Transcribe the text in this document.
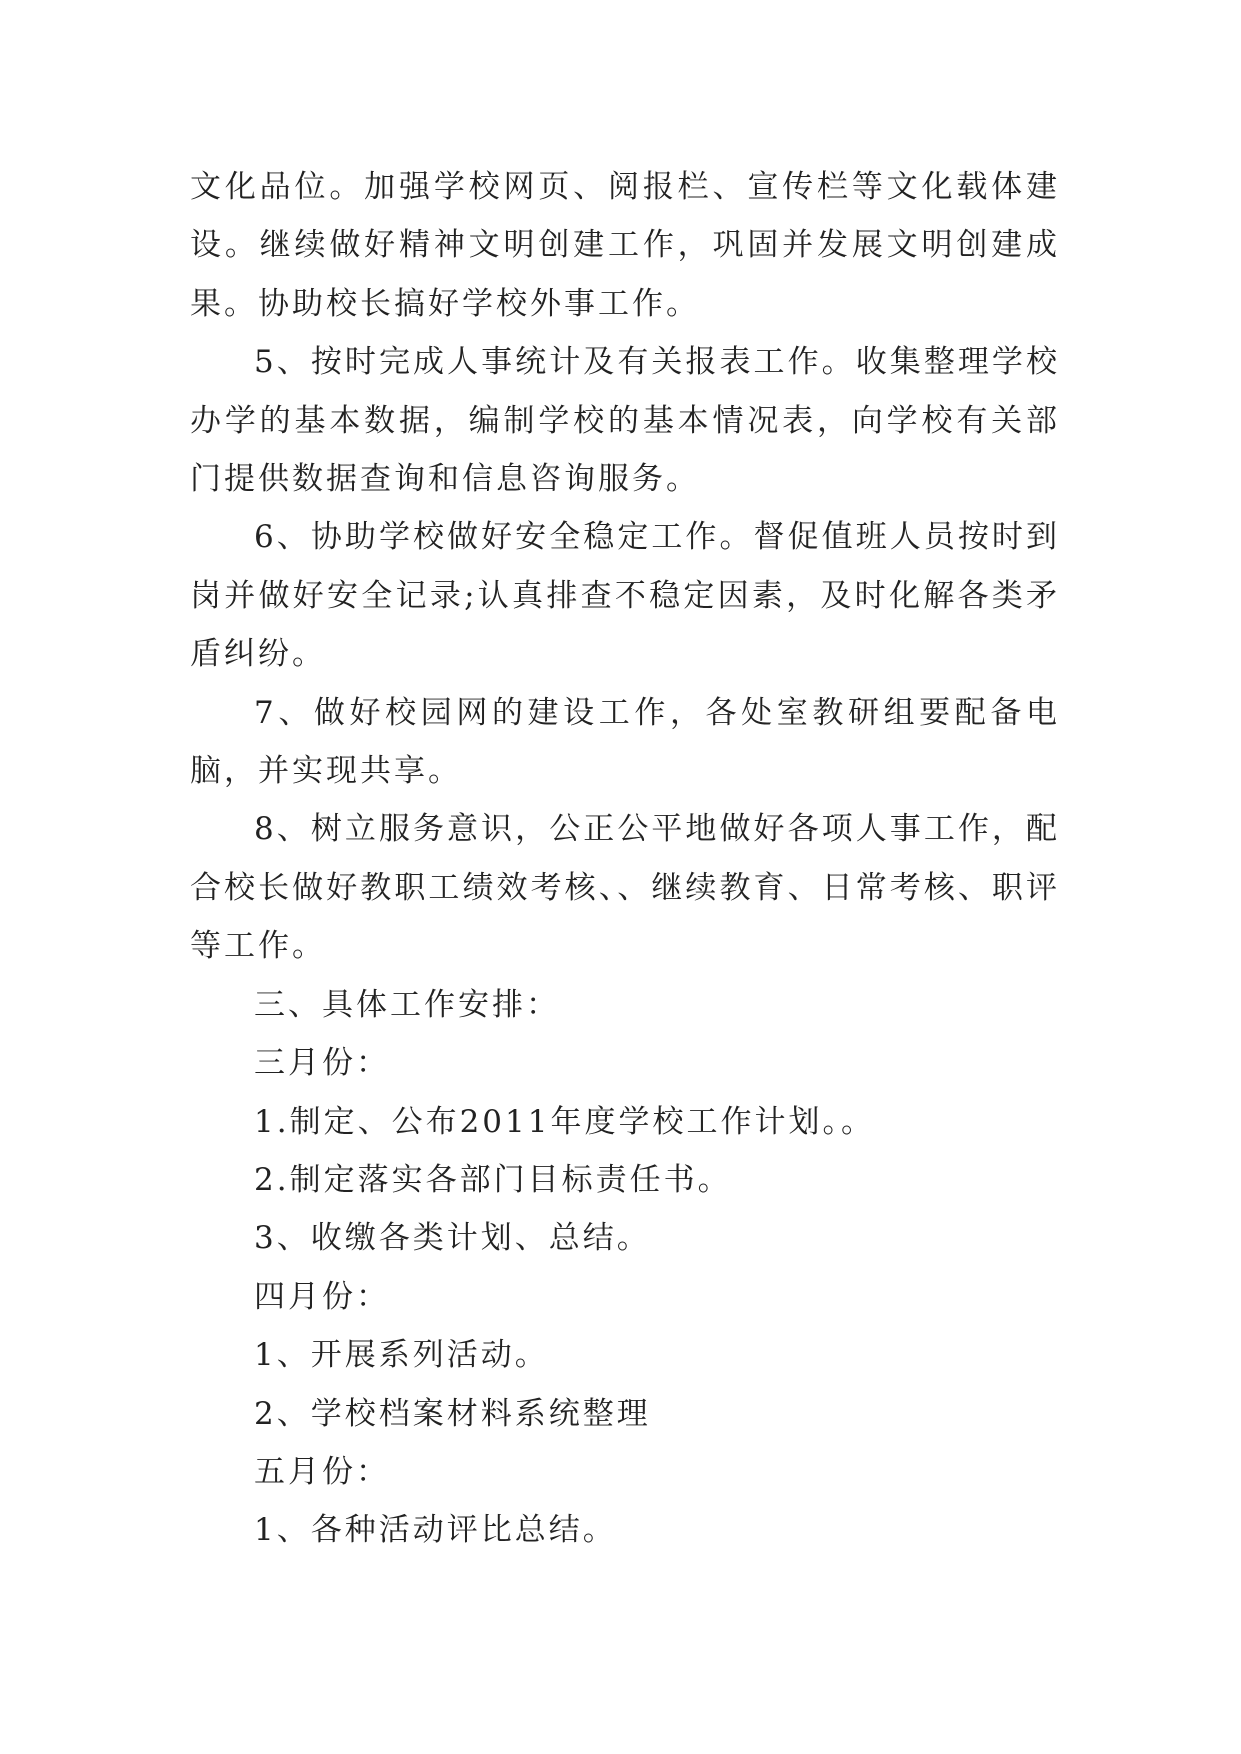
文化品位。加强学校网页、阅报栏、宣传栏等文化载体建设。继续做好精神文明创建工作，巩固并发展文明创建成果。协助校长搞好学校外事工作。

5、按时完成人事统计及有关报表工作。收集整理学校办学的基本数据，编制学校的基本情况表，向学校有关部门提供数据查询和信息咨询服务。

6、协助学校做好安全稳定工作。督促值班人员按时到岗并做好安全记录;认真排查不稳定因素，及时化解各类矛盾纠纷。

7、做好校园网的建设工作，各处室教研组要配备电脑，并实现共享。

8、树立服务意识，公正公平地做好各项人事工作，配合校长做好教职工绩效考核、、继续教育、日常考核、职评等工作。

三、具体工作安排：

三月份：

1.制定、公布2011年度学校工作计划。。

2.制定落实各部门目标责任书。

3、收缴各类计划、总结。

四月份：

1、开展系列活动。

2、学校档案材料系统整理

五月份：

1、各种活动评比总结。
